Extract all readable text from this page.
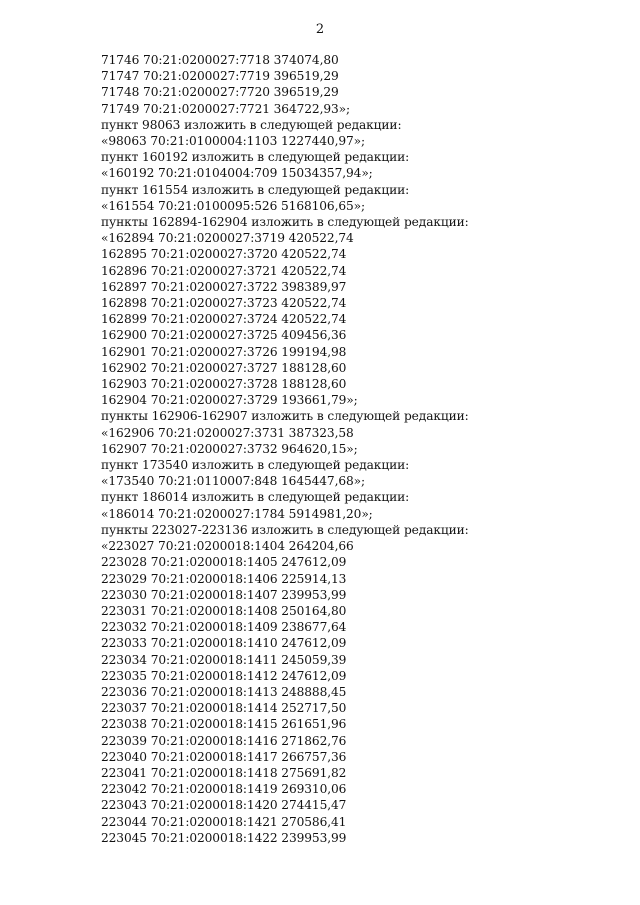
2
71746 70:21:0200027:7718 374074,80
71747 70:21:0200027:7719 396519,29
71748 70:21:0200027:7720 396519,29
71749 70:21:0200027:7721 364722,93»;
пункт 98063 изложить в следующей редакции:
«98063 70:21:0100004:1103 1227440,97»;
пункт 160192 изложить в следующей редакции:
«160192 70:21:0104004:709 15034357,94»;
пункт 161554 изложить в следующей редакции:
«161554 70:21:0100095:526 5168106,65»;
пункты 162894-162904 изложить в следующей редакции:
«162894 70:21:0200027:3719 420522,74
162895 70:21:0200027:3720 420522,74
162896 70:21:0200027:3721 420522,74
162897 70:21:0200027:3722 398389,97
162898 70:21:0200027:3723 420522,74
162899 70:21:0200027:3724 420522,74
162900 70:21:0200027:3725 409456,36
162901 70:21:0200027:3726 199194,98
162902 70:21:0200027:3727 188128,60
162903 70:21:0200027:3728 188128,60
162904 70:21:0200027:3729 193661,79»;
пункты 162906-162907 изложить в следующей редакции:
«162906 70:21:0200027:3731 387323,58
162907 70:21:0200027:3732 964620,15»;
пункт 173540 изложить в следующей редакции:
«173540 70:21:0110007:848 1645447,68»;
пункт 186014 изложить в следующей редакции:
«186014 70:21:0200027:1784 5914981,20»;
пункты 223027-223136 изложить в следующей редакции:
«223027 70:21:0200018:1404 264204,66
223028 70:21:0200018:1405 247612,09
223029 70:21:0200018:1406 225914,13
223030 70:21:0200018:1407 239953,99
223031 70:21:0200018:1408 250164,80
223032 70:21:0200018:1409 238677,64
223033 70:21:0200018:1410 247612,09
223034 70:21:0200018:1411 245059,39
223035 70:21:0200018:1412 247612,09
223036 70:21:0200018:1413 248888,45
223037 70:21:0200018:1414 252717,50
223038 70:21:0200018:1415 261651,96
223039 70:21:0200018:1416 271862,76
223040 70:21:0200018:1417 266757,36
223041 70:21:0200018:1418 275691,82
223042 70:21:0200018:1419 269310,06
223043 70:21:0200018:1420 274415,47
223044 70:21:0200018:1421 270586,41
223045 70:21:0200018:1422 239953,99
